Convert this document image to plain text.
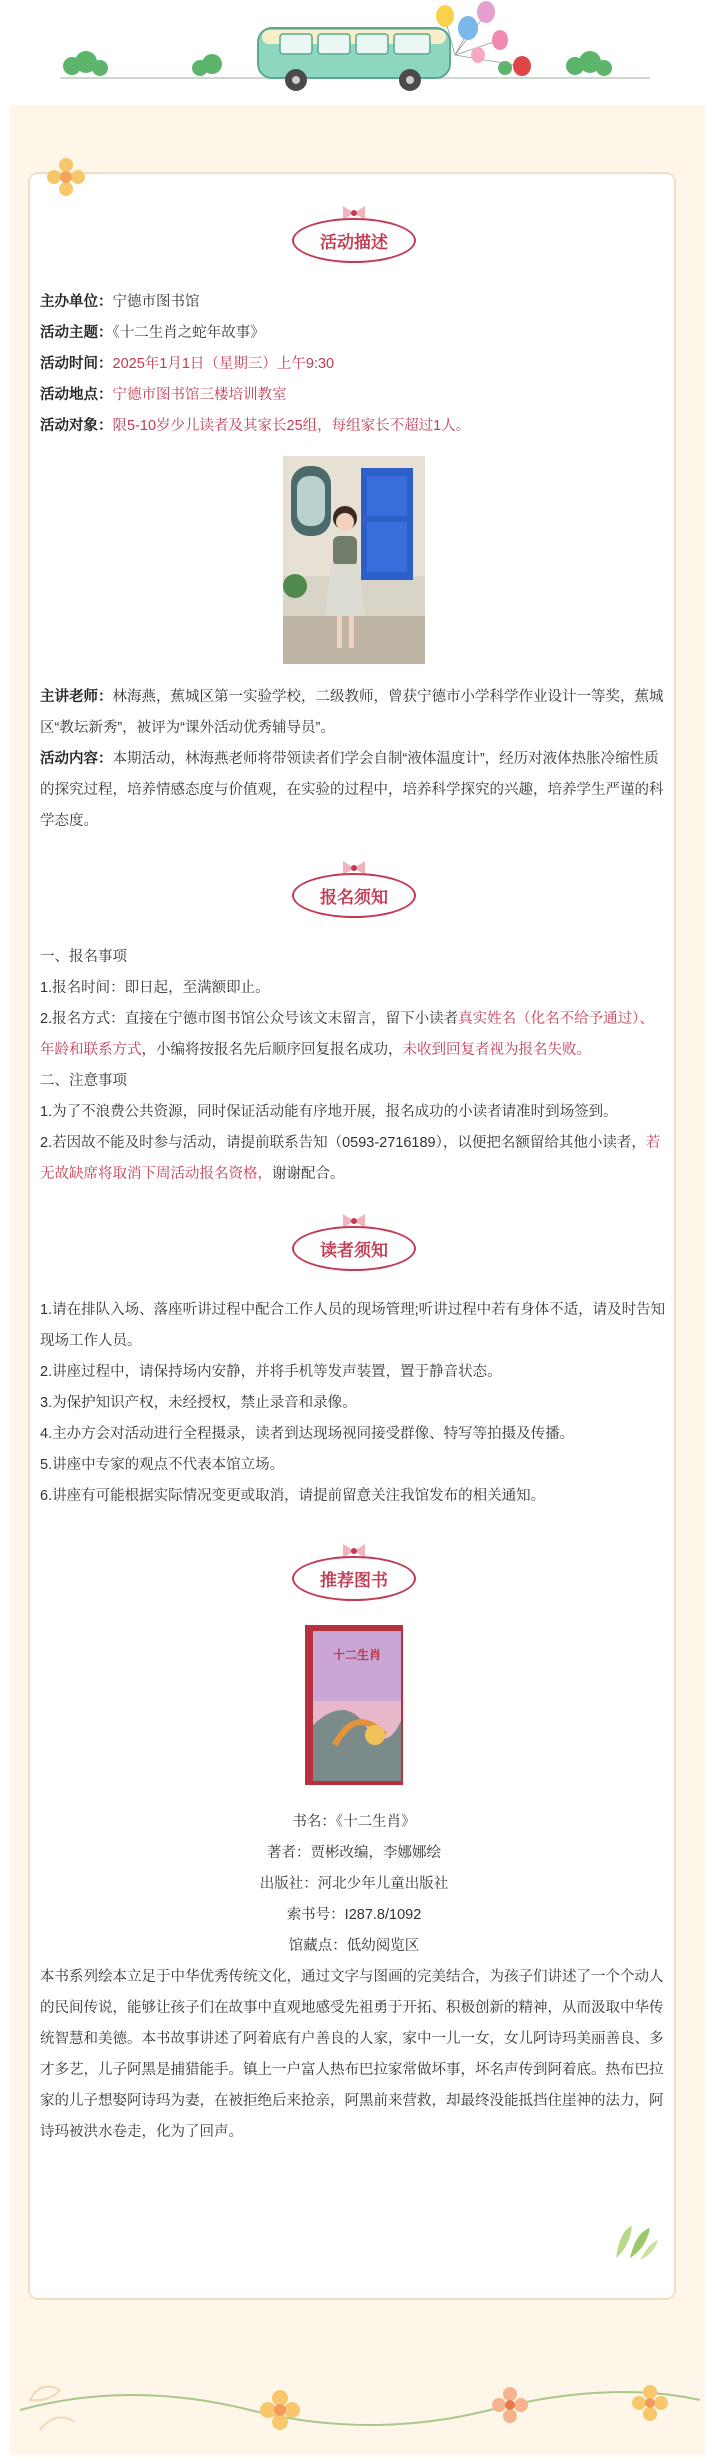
活动描述
主办单位：宁德市图书馆
活动主题：《十二生肖之蛇年故事》
活动时间：2025年1月1日（星期三）上午9:30
活动地点：宁德市图书馆三楼培训教室
活动对象：限5-10岁少儿读者及其家长25组，每组家长不超过1人。
主讲老师：林海燕，蕉城区第一实验学校，二级教师，曾获宁德市小学科学作业设计一等奖，蕉城区“教坛新秀”，被评为“课外活动优秀辅导员”。
活动内容：本期活动，林海燕老师将带领读者们学会自制“液体温度计”，经历对液体热胀冷缩性质的探究过程，培养情感态度与价值观，在实验的过程中，培养科学探究的兴趣，培养学生严谨的科学态度。
报名须知
一、报名事项
1.报名时间：即日起，至满额即止。
2.报名方式：直接在宁德市图书馆公众号该文末留言，留下小读者真实姓名（化名不给予通过）、年龄和联系方式，小编将按报名先后顺序回复报名成功，未收到回复者视为报名失败。
二、注意事项
1.为了不浪费公共资源，同时保证活动能有序地开展，报名成功的小读者请准时到场签到。
2.若因故不能及时参与活动，请提前联系告知（0593-2716189），以便把名额留给其他小读者，若无故缺席将取消下周活动报名资格，谢谢配合。
读者须知
1.请在排队入场、落座听讲过程中配合工作人员的现场管理;听讲过程中若有身体不适，请及时告知现场工作人员。
2.讲座过程中，请保持场内安静，并将手机等发声装置，置于静音状态。
3.为保护知识产权，未经授权，禁止录音和录像。
4.主办方会对活动进行全程摄录，读者到达现场视同接受群像、特写等拍摄及传播。
5.讲座中专家的观点不代表本馆立场。
6.讲座有可能根据实际情况变更或取消，请提前留意关注我馆发布的相关通知。
推荐图书
十二生肖
书名：《十二生肖》
著者：贾彬改编，李娜娜绘
出版社：河北少年儿童出版社
索书号：I287.8/1092
馆藏点：低幼阅览区
本书系列绘本立足于中华优秀传统文化，通过文字与图画的完美结合，为孩子们讲述了一个个动人的民间传说，能够让孩子们在故事中直观地感受先祖勇于开拓、积极创新的精神，从而汲取中华传统智慧和美德。本书故事讲述了阿着底有户善良的人家，家中一儿一女，女儿阿诗玛美丽善良、多才多艺，儿子阿黑是捕猎能手。镇上一户富人热布巴拉家常做坏事，坏名声传到阿着底。热布巴拉家的儿子想娶阿诗玛为妻，在被拒绝后来抢亲，阿黑前来营救，却最终没能抵挡住崖神的法力，阿诗玛被洪水卷走，化为了回声。
